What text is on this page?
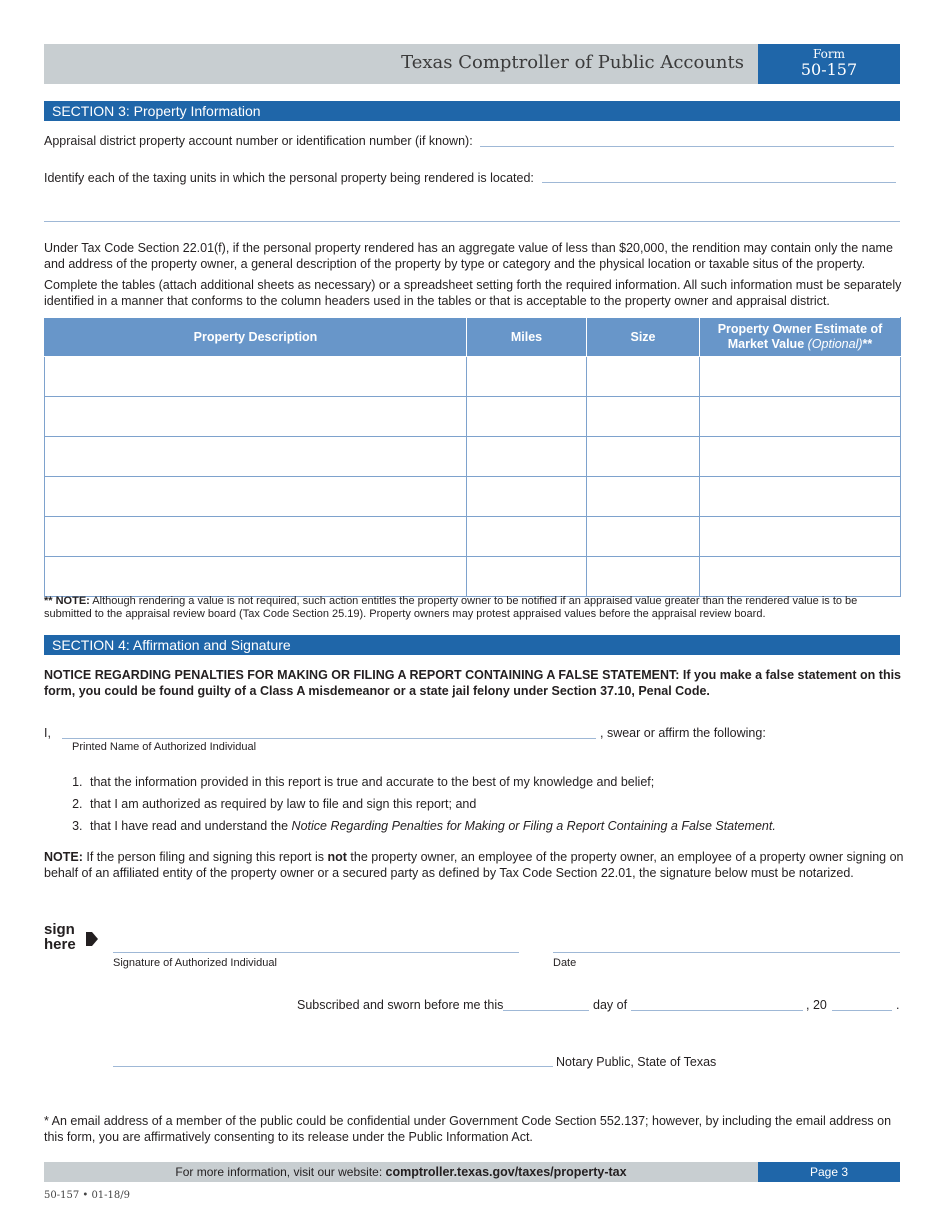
Texas Comptroller of Public Accounts	Form
50-157
SECTION 3: Property Information
Appraisal district property account number or identification number (if known):
Identify each of the taxing units in which the personal property being rendered is located:
Under Tax Code Section 22.01(f), if the personal property rendered has an aggregate value of less than $20,000, the rendition may contain only the name and address of the property owner, a general description of the property by type or category and the physical location or taxable situs of the property.
Complete the tables (attach additional sheets as necessary) or a spreadsheet setting forth the required information. All such information must be separately identified in a manner that conforms to the column headers used in the tables or that is acceptable to the property owner and appraisal district.
Property Description	Miles	Size	Property Owner Estimate of Market Value (Optional)**

** NOTE: Although rendering a value is not required, such action entitles the property owner to be notified if an appraised value greater than the rendered value is to be submitted to the appraisal review board (Tax Code Section 25.19). Property owners may protest appraised values before the appraisal review board.
SECTION 4: Affirmation and Signature
NOTICE REGARDING PENALTIES FOR MAKING OR FILING A REPORT CONTAINING A FALSE STATEMENT: If you make a false statement on this form, you could be found guilty of a Class A misdemeanor or a state jail felony under Section 37.10, Penal Code.
I,	, swear or affirm the following:
Printed Name of Authorized Individual
1. that the information provided in this report is true and accurate to the best of my knowledge and belief;
2. that I am authorized as required by law to file and sign this report; and
3. that I have read and understand the Notice Regarding Penalties for Making or Filing a Report Containing a False Statement.
NOTE: If the person filing and signing this report is not the property owner, an employee of the property owner, an employee of a property owner signing on behalf of an affiliated entity of the property owner or a secured party as defined by Tax Code Section 22.01, the signature below must be notarized.
sign
here
Signature of Authorized Individual	Date
Subscribed and sworn before me this	day of	, 20	.
Notary Public, State of Texas
* An email address of a member of the public could be confidential under Government Code Section 552.137; however, by including the email address on this form, you are affirmatively consenting to its release under the Public Information Act.
For more information, visit our website: comptroller.texas.gov/taxes/property-tax	Page 3
50-157 • 01-18/9
